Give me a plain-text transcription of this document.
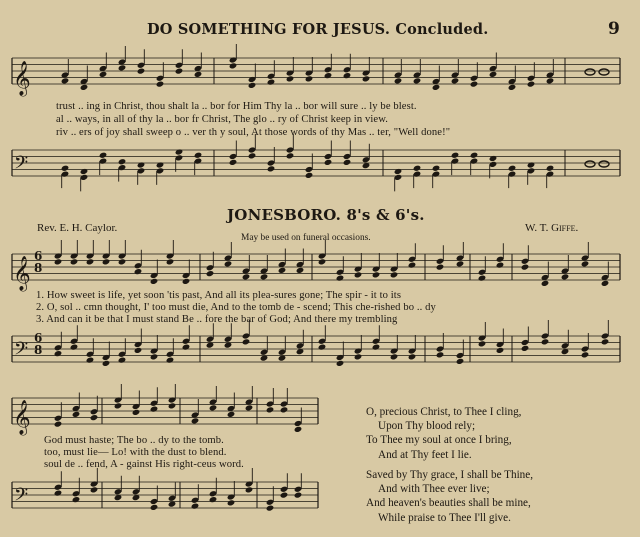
𝄞
𝄢
𝄞 6
8
𝄢
6
8
𝄞
𝄢
DO SOMETHING FOR JESUS. Concluded.	9
trust .. ing in Christ, thou shalt la .. bor for Him Thy la .. bor will sure .. ly be blest.
al .. ways, in all of thy la .. bor fr Christ, The glo .. ry of Christ keep in view.
riv .. ers of joy shall sweep o .. ver th y soul, At those words of thy Mas .. ter, "Well done!"
JONESBORO. 8's & 6's.
Rev. E. H. Caylor.	W. T. Giffe.
May be used on funeral occasions.
1. How sweet is life, yet soon 'tis past, And all its plea-sures gone; The spir - it to its
2. O, sol .. cmn thought, I' too must die, And to the tomb de - scend; This che-rished bo .. dy
3. And can it be that I must stand Be .. fore the bar of God; And there my trembling
God must haste; The bo .. dy to the tomb.
too, must lie— Lo! with the dust to blend.
soul de .. fend, A - gainst His right-ceus word.
O, precious Christ, to Thee I cling,
Upon Thy blood rely;
To Thee my soul at once I bring,
And at Thy feet I lie.
Saved by Thy grace, I shall be Thine,
And with Thee ever live;
And heaven's beauties shall be mine,
While praise to Thee I'll give.
